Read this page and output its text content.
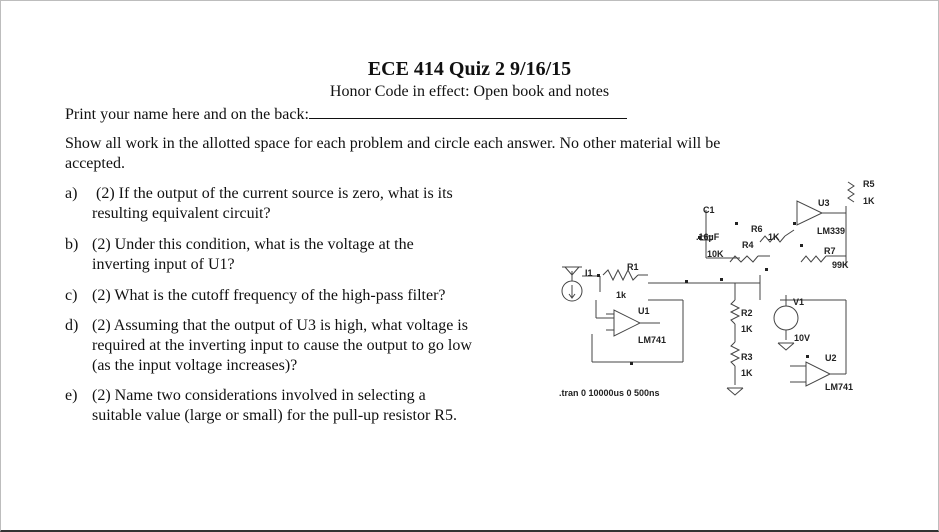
ECE 414 Quiz 2 9/16/15
Honor Code in effect: Open book and notes
Print your name here and on the back:
Show all work in the allotted space for each problem and circle each answer. No other material will be
accepted.
a) (2) If the output of the current source is zero, what is its
resulting equivalent circuit?
b) (2) Under this condition, what is the voltage at the
inverting input of U1?
c) (2) What is the cutoff frequency of the high-pass filter?
d) (2) Assuming that the output of U3 is high, what voltage is
required at the inverting input to cause the output to go low
(as the input voltage increases)?
e) (2) Name two considerations involved in selecting a
suitable value (large or small) for the pull-up resistor R5.
I1
R1
1k
U1
LM741
C1
.16µF
R4
10K
R6
1K
U3
LM339
R5
1K
R7
99K
R2
1K
R3
1K
V1
10V
U2
LM741
.tran 0 10000us 0 500ns
